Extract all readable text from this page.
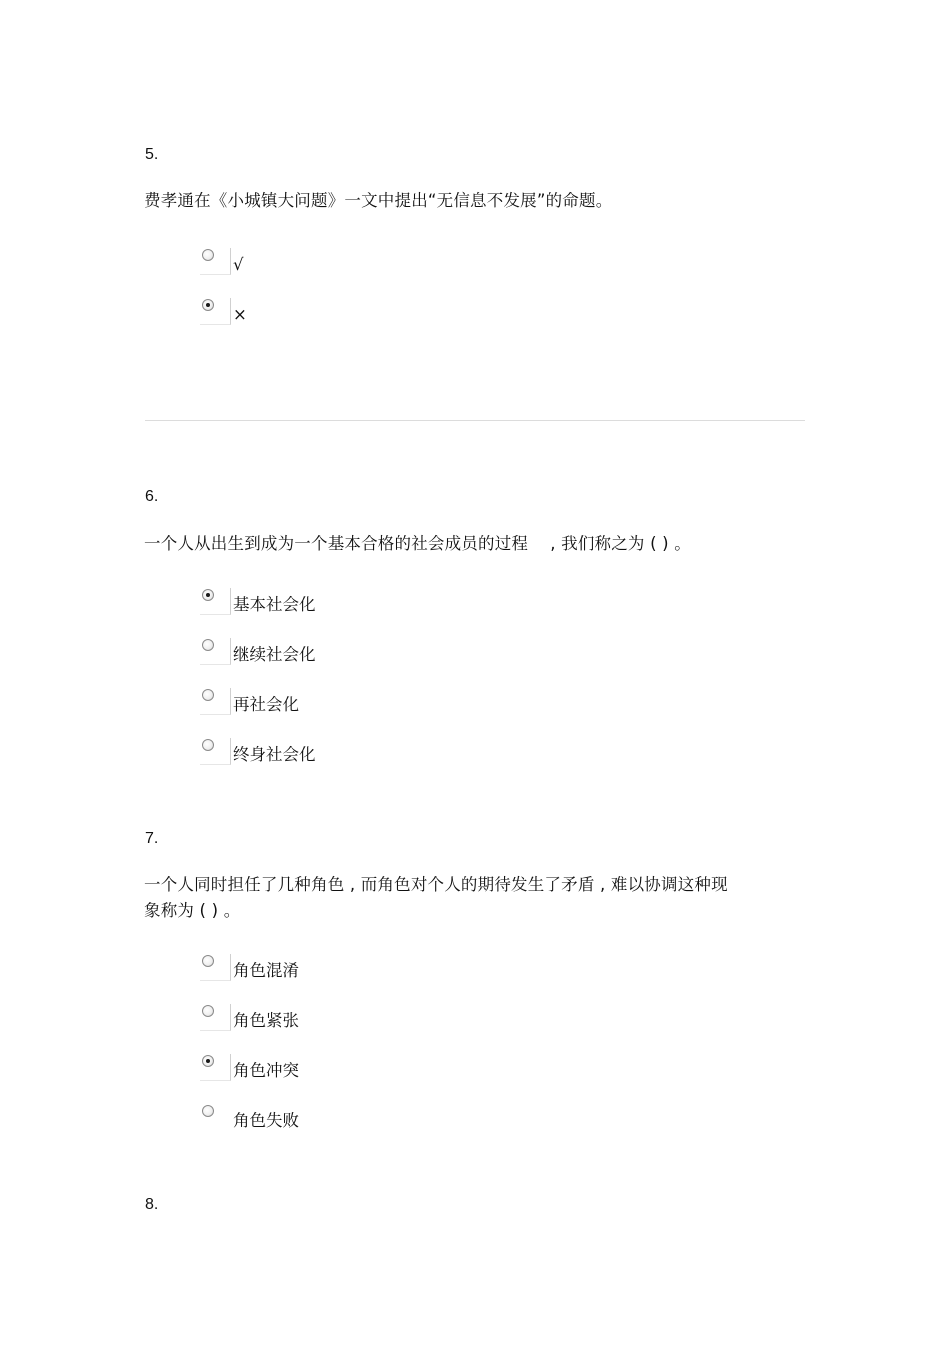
5.
费孝通在《小城镇大问题》一文中提出“无信息不发展”的命题。
√
×
6.
一个人从出生到成为一个基本合格的社会成员的过程　 , 我们称之为 ( ) 。
基本社会化
继续社会化
再社会化
终身社会化
7.
一个人同时担任了几种角色 , 而角色对个人的期待发生了矛盾 , 难以协调这种现
象称为 ( ) 。
角色混淆
角色紧张
角色冲突
角色失败
8.
